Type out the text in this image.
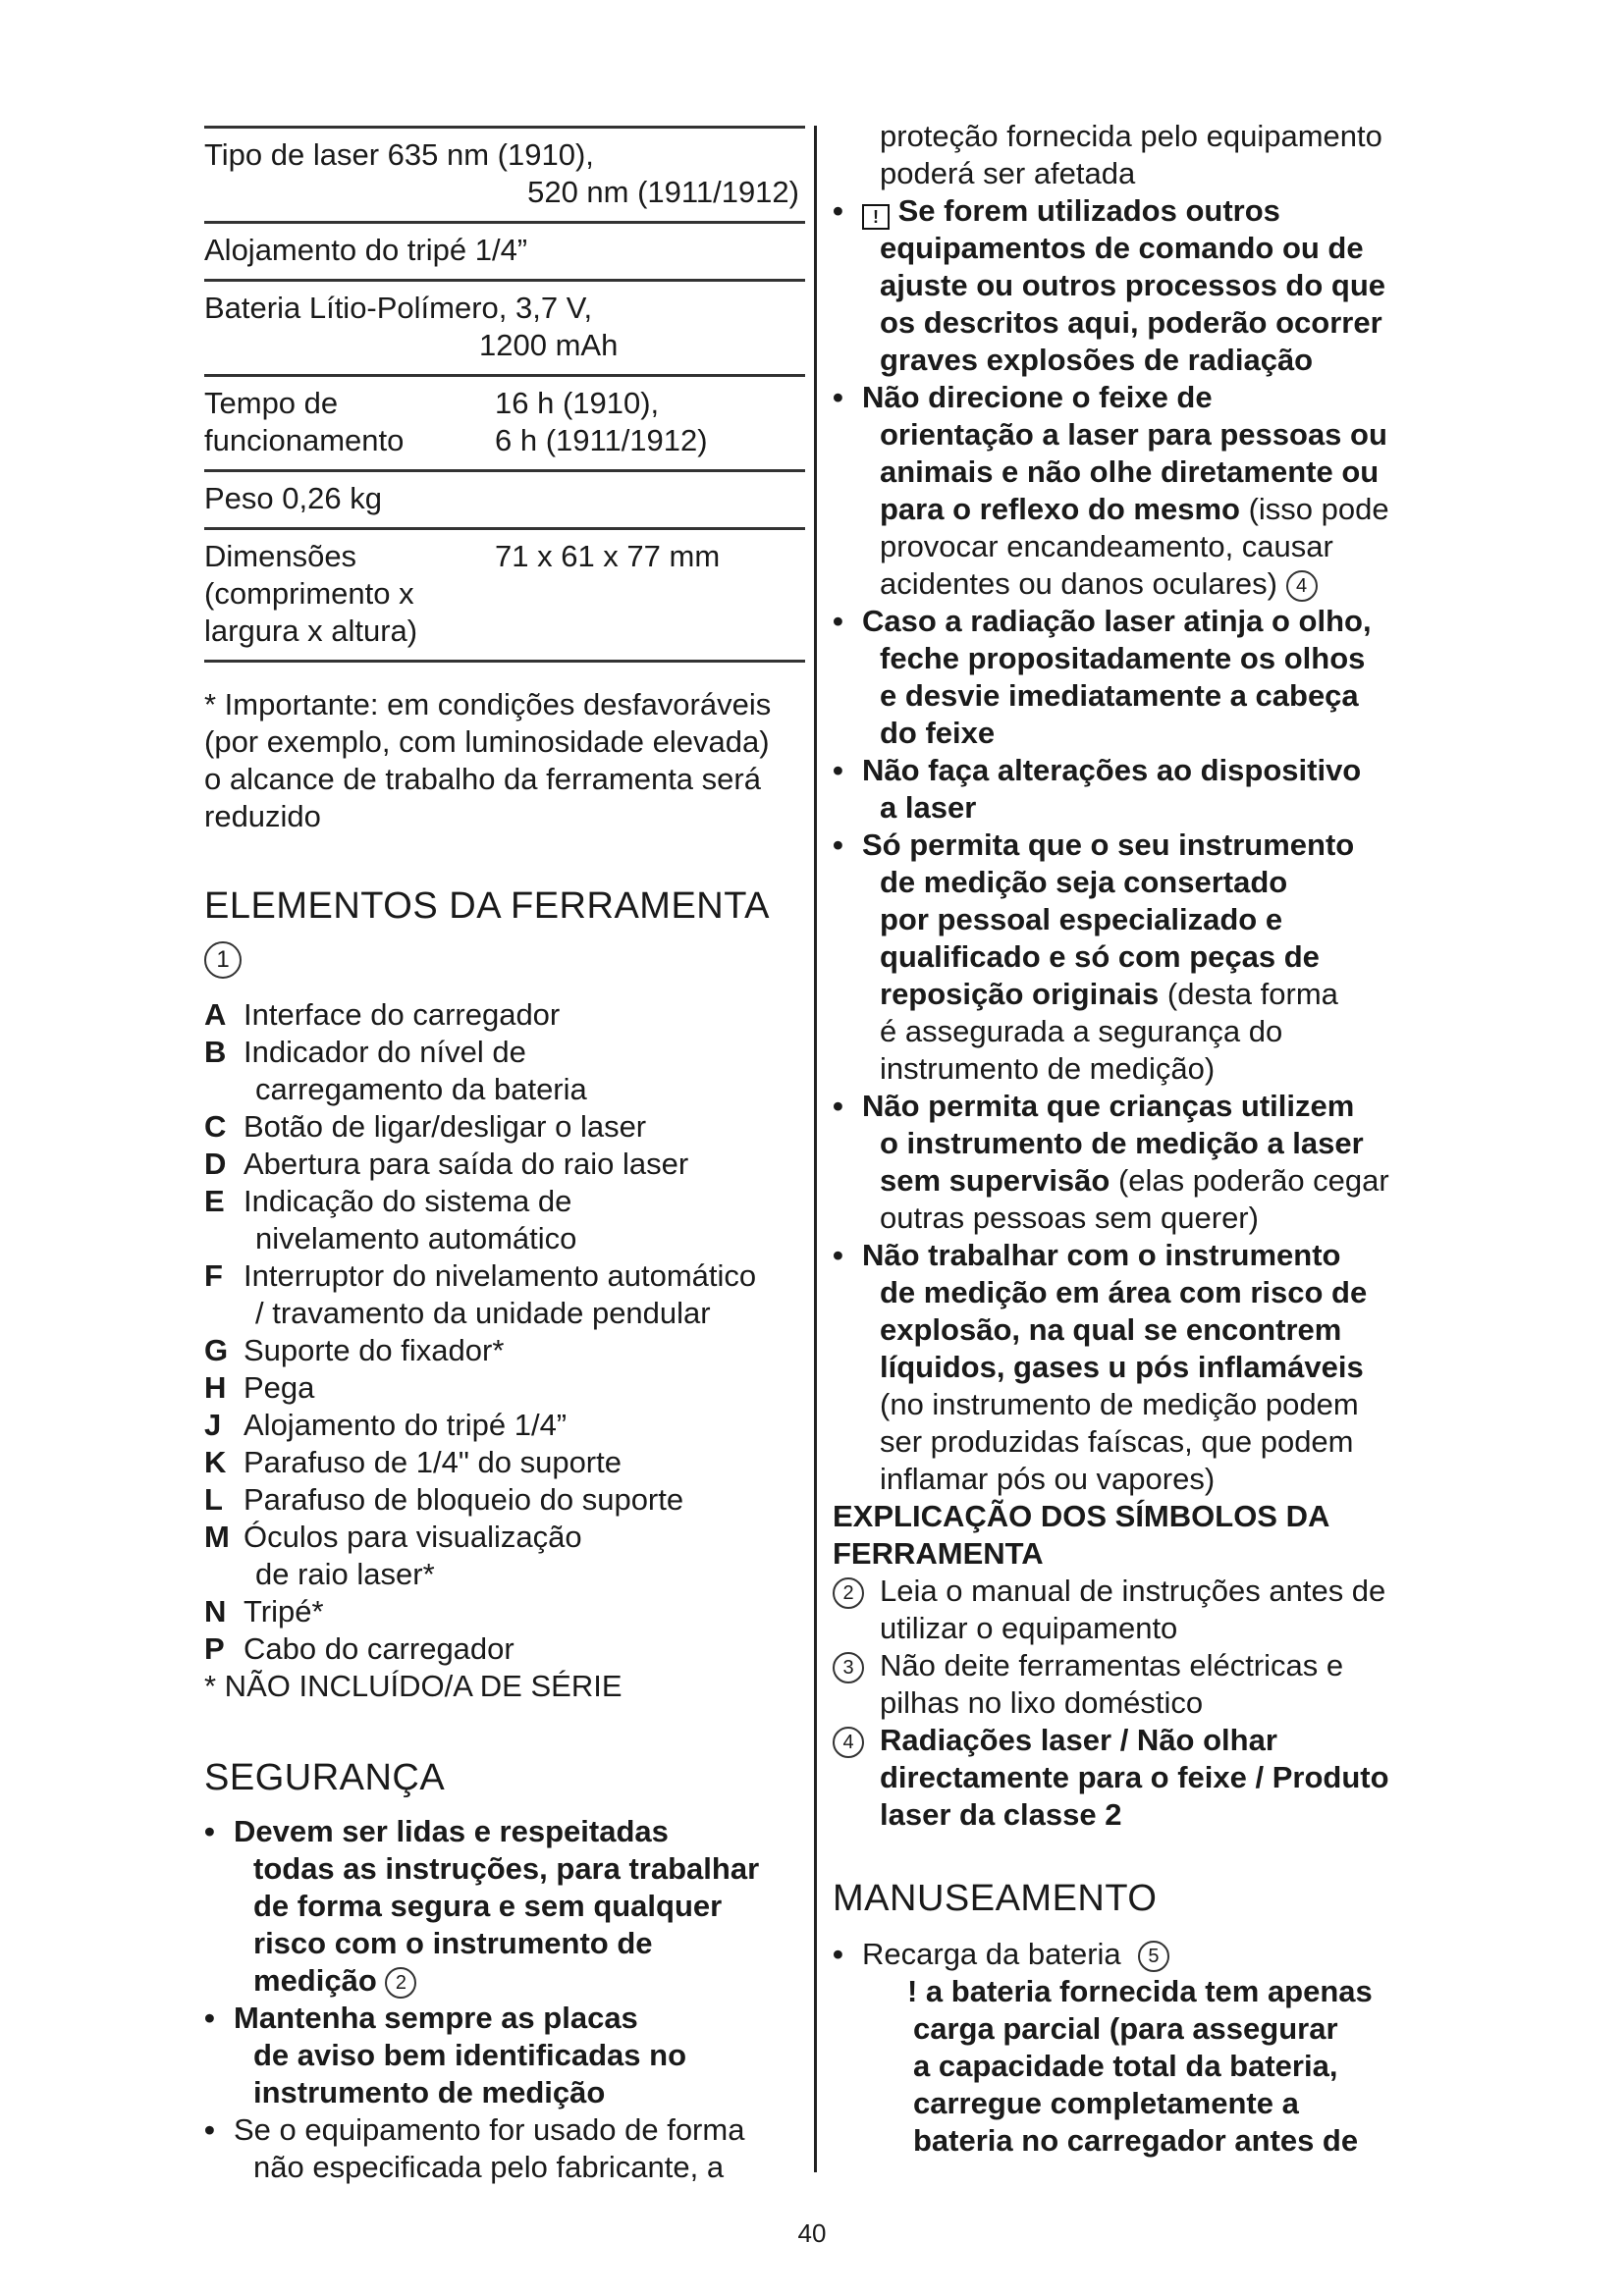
Tipo de laser 635 nm (1910),
520 nm (1911/1912)
Alojamento do tripé 1/4”
Bateria Lítio-Polímero, 3,7 V,
1200 mAh
Tempo de	16 h (1910),
funcionamento	6 h (1911/1912)
Peso 0,26 kg
Dimensões	71 x 61 x 77 mm
(comprimento x
largura x altura)
* Importante: em condições desfavoráveis
(por exemplo, com luminosidade elevada)
o alcance de trabalho da ferramenta será
reduzido
ELEMENTOS DA FERRAMENTA
1
A Interface do carregador
B Indicador do nível de
carregamento da bateria
C Botão de ligar/desligar o laser
D Abertura para saída do raio laser
E Indicação do sistema de
nivelamento automático
F Interruptor do nivelamento automático
/ travamento da unidade pendular
G Suporte do fixador*
H Pega
J Alojamento do tripé 1/4”
K Parafuso de 1/4" do suporte
L Parafuso de bloqueio do suporte
M Óculos para visualização
de raio laser*
N Tripé*
P Cabo do carregador
* NÃO INCLUÍDO/A DE SÉRIE
SEGURANÇA
• Devem ser lidas e respeitadas
todas as instruções, para trabalhar
de forma segura e sem qualquer
risco com o instrumento de
medição 2
• Mantenha sempre as placas
de aviso bem identificadas no
instrumento de medição
• Se o equipamento for usado de forma
não especificada pelo fabricante, a
proteção fornecida pelo equipamento
poderá ser afetada
•	! Se forem utilizados outros
equipamentos de comando ou de
ajuste ou outros processos do que
os descritos aqui, poderão ocorrer
graves explosões de radiação
• Não direcione o feixe de
orientação a laser para pessoas ou
animais e não olhe diretamente ou
para o reflexo do mesmo (isso pode
provocar encandeamento, causar
acidentes ou danos oculares) 4
• Caso a radiação laser atinja o olho,
feche propositadamente os olhos
e desvie imediatamente a cabeça
do feixe
• Não faça alterações ao dispositivo
a laser
• Só permita que o seu instrumento
de medição seja consertado
por pessoal especializado e
qualificado e só com peças de
reposição originais (desta forma
é assegurada a segurança do
instrumento de medição)
• Não permita que crianças utilizem
o instrumento de medição a laser
sem supervisão (elas poderão cegar
outras pessoas sem querer)
• Não trabalhar com o instrumento
de medição em área com risco de
explosão, na qual se encontrem
líquidos, gases u pós inflamáveis
(no instrumento de medição podem
ser produzidas faíscas, que podem
inflamar pós ou vapores)
EXPLICAÇÃO DOS SÍMBOLOS DA
FERRAMENTA
2 Leia o manual de instruções antes de
utilizar o equipamento
3 Não deite ferramentas eléctricas e
pilhas no lixo doméstico
4 Radiações laser / Não olhar
directamente para o feixe / Produto
laser da classe 2
MANUSEAMENTO
• Recarga da bateria 5
! a bateria fornecida tem apenas
carga parcial (para assegurar
a capacidade total da bateria,
carregue completamente a
bateria no carregador antes de
40
